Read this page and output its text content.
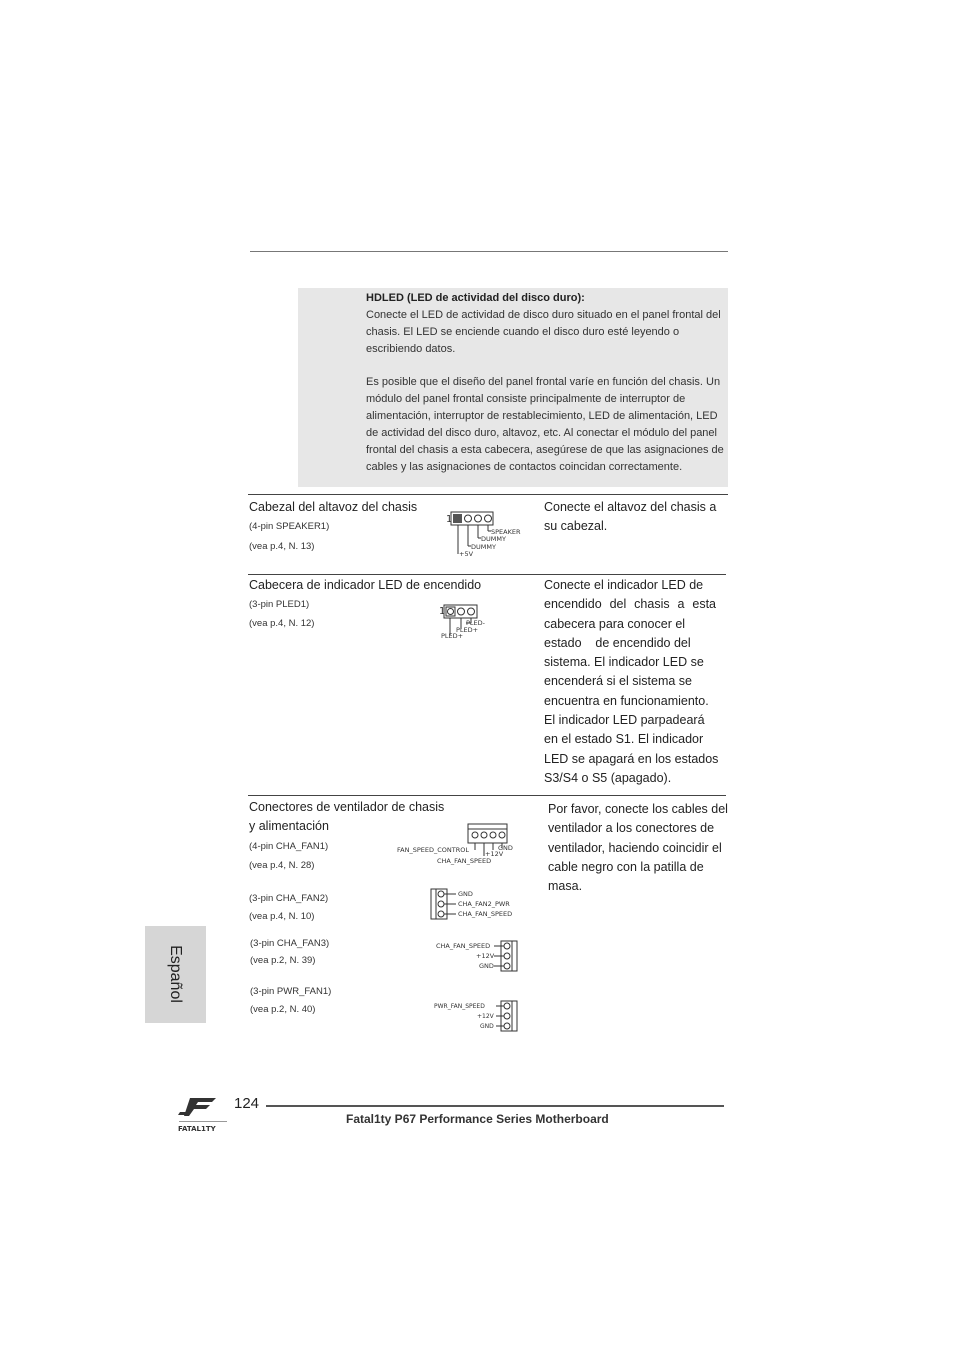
HDLED (LED de actividad del disco duro):
Conecte el LED de actividad de disco duro situado en el panel frontal del chasis. El LED se enciende cuando el disco duro esté leyendo o escribiendo datos.
Es posible que el diseño del panel frontal varíe en función del chasis. Un módulo del panel frontal consiste principalmente de interruptor de alimentación, interruptor de restablecimiento, LED de alimentación, LED de actividad del disco duro, altavoz, etc. Al conectar el módulo del panel frontal del chasis a esta cabecera, asegúrese de que las asignaciones de cables y las asignaciones de contactos coincidan correctamente.
Cabezal del altavoz del chasis
(4-pin SPEAKER1)
(vea p.4, N. 13)
Conecte el altavoz del chasis a
su cabezal.
1
SPEAKER
DUMMY
DUMMY
+5V
Cabecera de indicador LED de encendido
(3-pin PLED1)
(vea p.4, N. 12)
Conecte el indicador LED de
encendido del chasis a esta
cabecera para conocer el
estado    de encendido del
sistema. El indicador LED se
encenderá si el sistema se
encuentra en funcionamiento.
El indicador LED parpadeará
en el estado S1. El indicador
LED se apagará en los estados
S3/S4 o S5 (apagado).
1
PLED-
PLED+
PLED+
Conectores de ventilador de chasis
y alimentación
Por favor, conecte los cables del
ventilador a los conectores de
ventilador, haciendo coincidir el
cable negro con la patilla de
masa.
(4-pin CHA_FAN1)
(vea p.4, N. 28)
FAN_SPEED_CONTROL	GND
+12V
CHA_FAN_SPEED
(3-pin CHA_FAN2)
(vea p.4, N. 10)
GND
CHA_FAN2_PWR
CHA_FAN_SPEED
(3-pin CHA_FAN3)
(vea p.2, N. 39)
CHA_FAN_SPEED
+12V
GND
(3-pin PWR_FAN1)
(vea p.2, N. 40)	PWR_FAN_SPEED
+12V
GND
Español
FATAL1TY
124
Fatal1ty P67 Performance Series Motherboard
